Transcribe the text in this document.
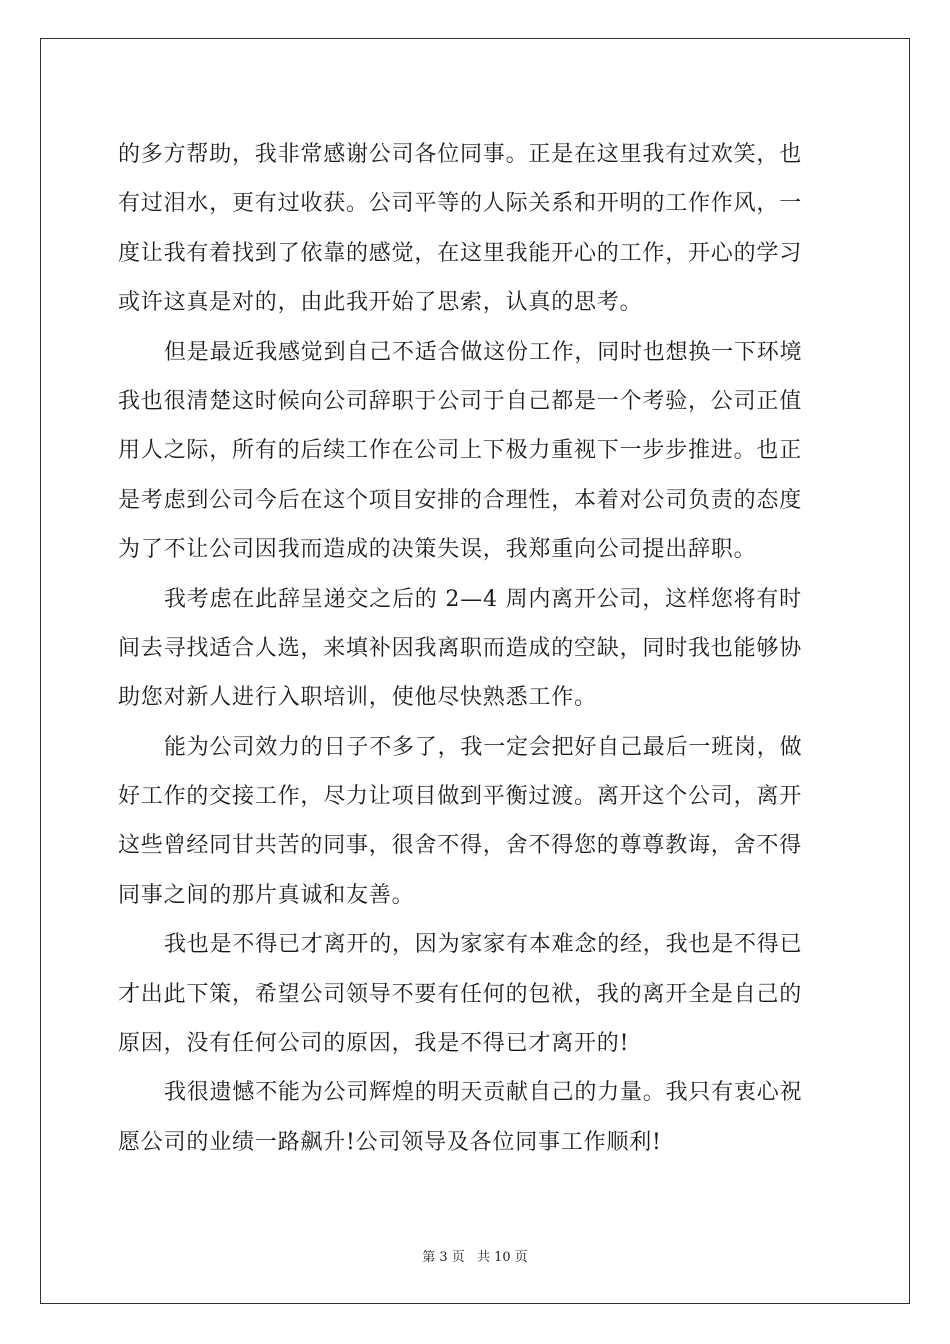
的多方帮助，我非常感谢公司各位同事。正是在这里我有过欢笑，也
有过泪水，更有过收获。公司平等的人际关系和开明的工作作风，一
度让我有着找到了依靠的感觉，在这里我能开心的工作，开心的学习
或许这真是对的，由此我开始了思索，认真的思考。
但是最近我感觉到自己不适合做这份工作，同时也想换一下环境
我也很清楚这时候向公司辞职于公司于自己都是一个考验，公司正值
用人之际，所有的后续工作在公司上下极力重视下一步步推进。也正
是考虑到公司今后在这个项目安排的合理性，本着对公司负责的态度
为了不让公司因我而造成的决策失误，我郑重向公司提出辞职。
我考虑在此辞呈递交之后的 2—4 周内离开公司，这样您将有时
间去寻找适合人选，来填补因我离职而造成的空缺，同时我也能够协
助您对新人进行入职培训，使他尽快熟悉工作。
能为公司效力的日子不多了，我一定会把好自己最后一班岗，做
好工作的交接工作，尽力让项目做到平衡过渡。离开这个公司，离开
这些曾经同甘共苦的同事，很舍不得，舍不得您的尊尊教诲，舍不得
同事之间的那片真诚和友善。
我也是不得已才离开的，因为家家有本难念的经，我也是不得已
才出此下策，希望公司领导不要有任何的包袱，我的离开全是自己的
原因，没有任何公司的原因，我是不得已才离开的!
我很遗憾不能为公司辉煌的明天贡献自己的力量。我只有衷心祝
愿公司的业绩一路飙升!公司领导及各位同事工作顺利!
第 3 页 共 10 页
